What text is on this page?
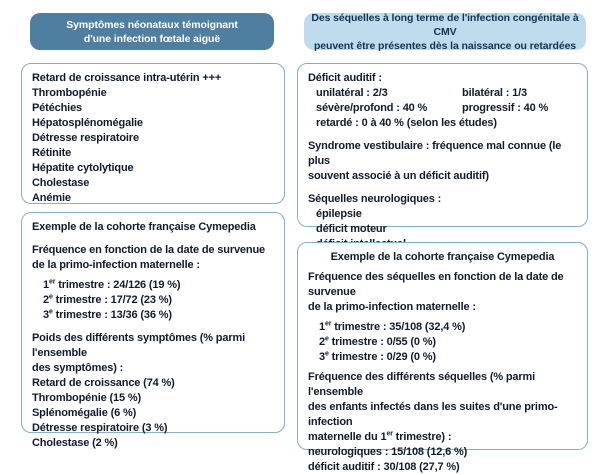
Symptômes néonataux témoignant
d'une infection fœtale aiguë
Des séquelles à long terme de l'infection congénitale à CMV
peuvent être présentes dès la naissance ou retardées
Retard de croissance intra-utérin +++
Thrombopénie
Pétéchies
Hépatosplénomégalie
Détresse respiratoire
Rétinite
Hépatite cytolytique
Cholestase
Anémie
Exemple de la cohorte française Cymepedia
Fréquence en fonction de la date de survenue
de la primo-infection maternelle :
1er trimestre : 24/126 (19 %)
2e trimestre : 17/72 (23 %)
3e trimestre : 13/36 (36 %)
Poids des différents symptômes (% parmi l'ensemble
des symptômes) :
Retard de croissance (74 %)
Thrombopénie (15 %)
Splénomégalie (6 %)
Détresse respiratoire (3 %)
Cholestase (2 %)
Déficit auditif :
unilatéral : 2/3	bilatéral : 1/3
sévère/profond : 40 %	progressif : 40 %
retardé : 0 à 40 % (selon les études)
Syndrome vestibulaire : fréquence mal connue (le plus
souvent associé à un déficit auditif)
Séquelles neurologiques :
épilepsie
déficit moteur
Exemple de la cohorte française Cymepedia
Fréquence des séquelles en fonction de la date de survenue
de la primo-infection maternelle :
1er trimestre : 35/108 (32,4 %)
2e trimestre : 0/55 (0 %)
3e trimestre : 0/29 (0 %)
Fréquence des différents séquelles (% parmi l'ensemble
des enfants infectés dans les suites d'une primo-infection
maternelle du 1er trimestre) :
neurologiques : 15/108 (12,6 %)
déficit auditif : 30/108 (27,7 %)
